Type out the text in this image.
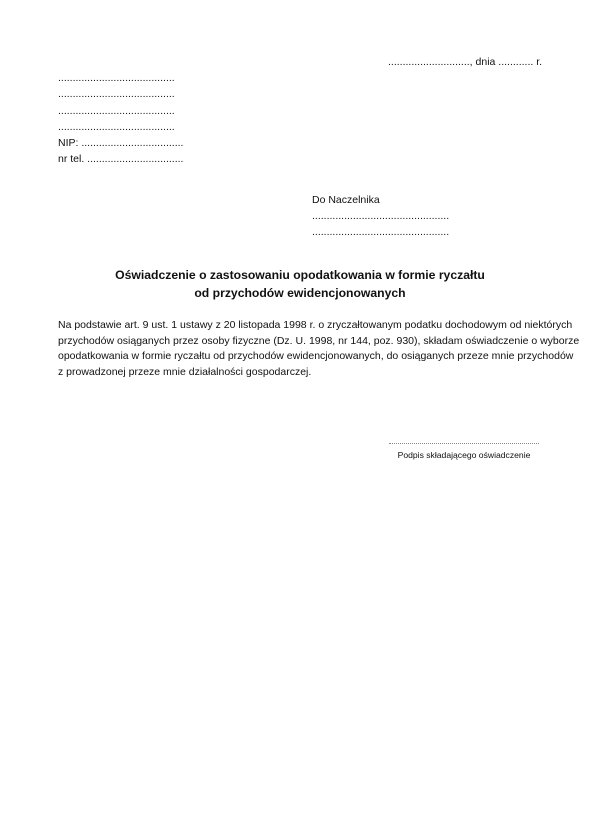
............................, dnia ............ r.
........................................
........................................
........................................
........................................
NIP: ...................................
nr tel. .................................
Do Naczelnika
...............................................
...............................................
Oświadczenie o zastosowaniu opodatkowania w formie ryczałtu
od przychodów ewidencjonowanych
Na podstawie art. 9 ust. 1 ustawy z 20 listopada 1998 r. o zryczałtowanym podatku dochodowym od niektórych
przychodów osiąganych przez osoby fizyczne (Dz. U. 1998, nr 144, poz. 930), składam oświadczenie o wyborze
opodatkowania w formie ryczałtu od przychodów ewidencjonowanych, do osiąganych przeze mnie przychodów
z prowadzonej przeze mnie działalności gospodarczej.
Podpis składającego oświadczenie
